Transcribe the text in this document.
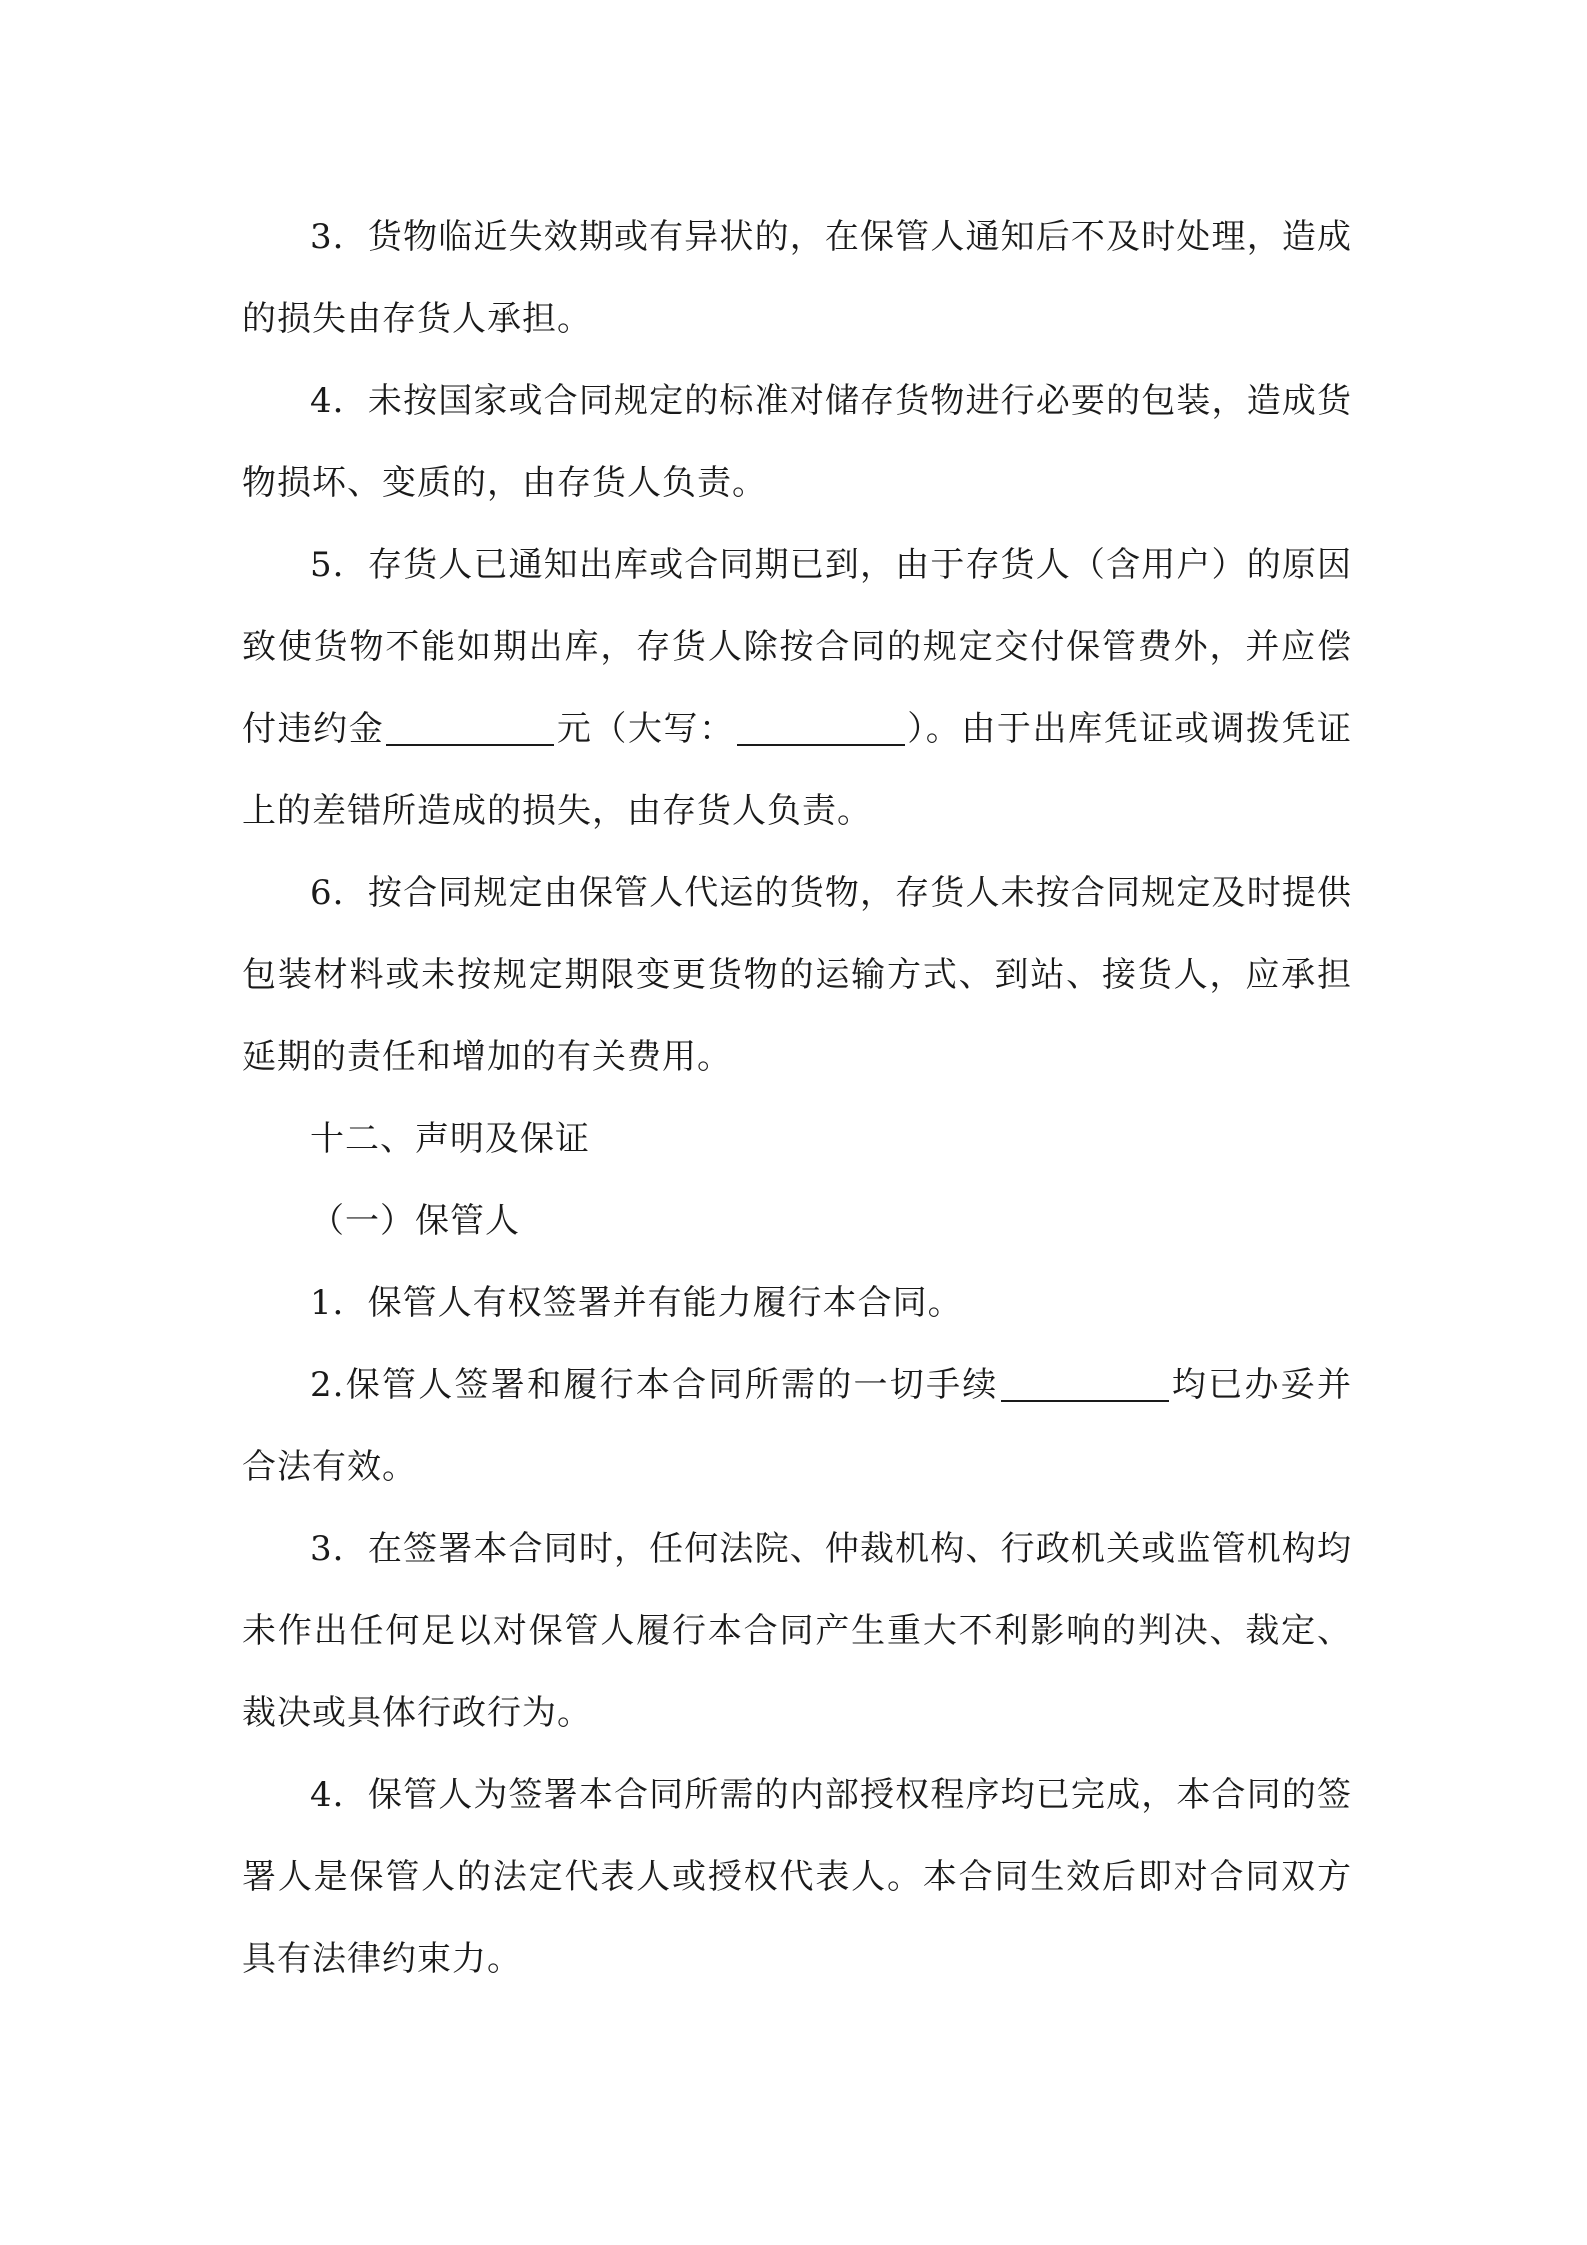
3．货物临近失效期或有异状的，在保管人通知后不及时处理，造成的损失由存货人承担。

4．未按国家或合同规定的标准对储存货物进行必要的包装，造成货物损坏、变质的，由存货人负责。

5．存货人已通知出库或合同期已到，由于存货人（含用户）的原因致使货物不能如期出库，存货人除按合同的规定交付保管费外，并应偿付违约金	元（大写：	）。由于出库凭证或调拨凭证上的差错所造成的损失，由存货人负责。

6．按合同规定由保管人代运的货物，存货人未按合同规定及时提供包装材料或未按规定期限变更货物的运输方式、到站、接货人，应承担延期的责任和增加的有关费用。

十二、声明及保证

（一）保管人

1．保管人有权签署并有能力履行本合同。

2.保管人签署和履行本合同所需的一切手续	均已办妥并合法有效。

3．在签署本合同时，任何法院、仲裁机构、行政机关或监管机构均未作出任何足以对保管人履行本合同产生重大不利影响的判决、裁定、裁决或具体行政行为。

4．保管人为签署本合同所需的内部授权程序均已完成，本合同的签署人是保管人的法定代表人或授权代表人。本合同生效后即对合同双方具有法律约束力。
